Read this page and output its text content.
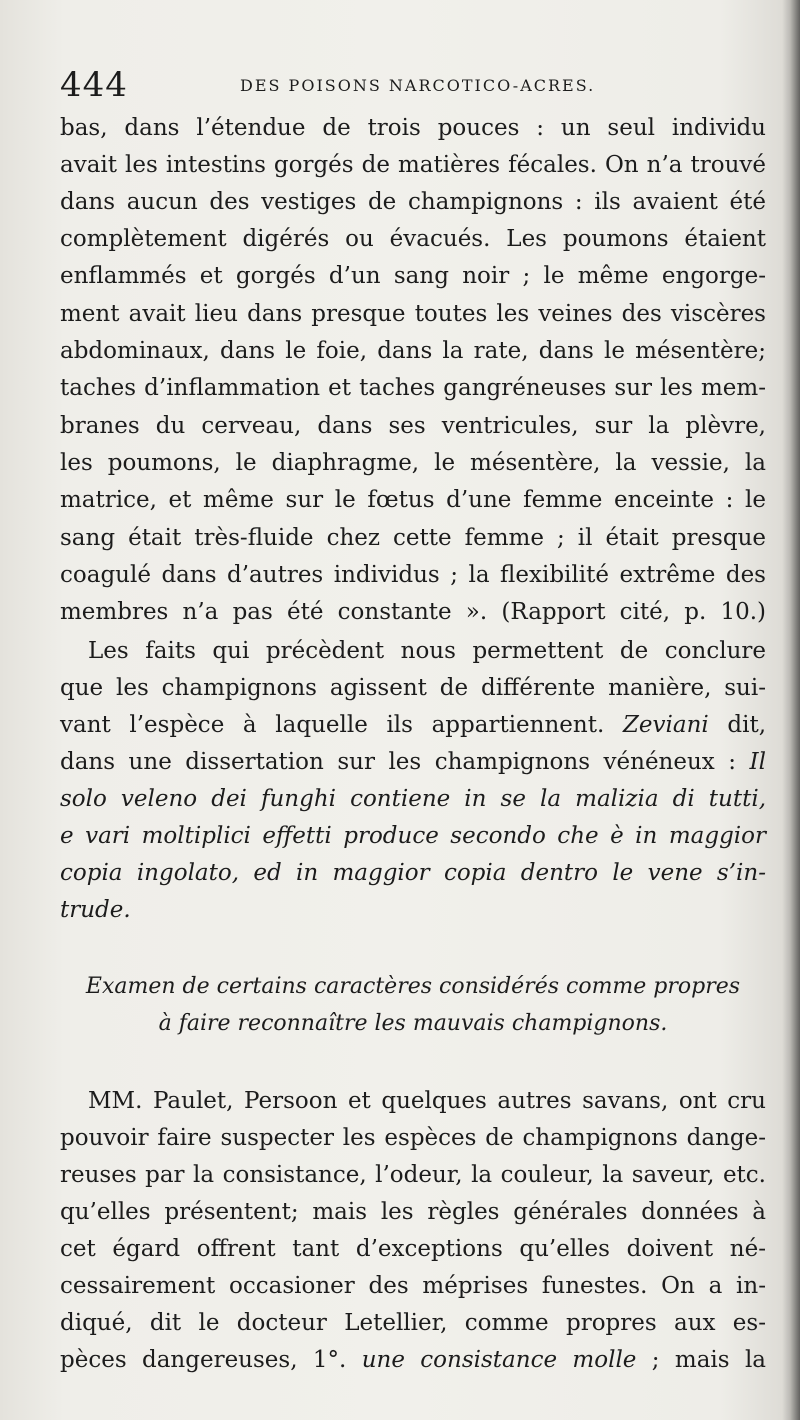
444	DES POISONS NARCOTICO-ACRES.
bas, dans l’étendue de trois pouces : un seul individu
avait les intestins gorgés de matières fécales. On n’a trouvé
dans aucun des vestiges de champignons : ils avaient été
complètement digérés ou évacués. Les poumons étaient
enflammés et gorgés d’un sang noir ; le même engorge-
ment avait lieu dans presque toutes les veines des viscères
abdominaux, dans le foie, dans la rate, dans le mésentère;
taches d’inflammation et taches gangréneuses sur les mem-
branes du cerveau, dans ses ventricules, sur la plèvre,
les poumons, le diaphragme, le mésentère, la vessie, la
matrice, et même sur le fœtus d’une femme enceinte : le
sang était très-fluide chez cette femme ; il était presque
coagulé dans d’autres individus ; la flexibilité extrême des
membres n’a pas été constante ». (Rapport cité, p. 10.)
Les faits qui précèdent nous permettent de conclure
que les champignons agissent de différente manière, sui-
vant l’espèce à laquelle ils appartiennent. Zeviani dit,
dans une dissertation sur les champignons vénéneux : Il
solo veleno dei funghi contiene in se la malizia di tutti,
e vari moltiplici effetti produce secondo che è in maggior
copia ingolato, ed in maggior copia dentro le vene s’in-
trude.
Examen de certains caractères considérés comme propres
à faire reconnaître les mauvais champignons.
MM. Paulet, Persoon et quelques autres savans, ont cru
pouvoir faire suspecter les espèces de champignons dange-
reuses par la consistance, l’odeur, la couleur, la saveur, etc.
qu’elles présentent; mais les règles générales données à
cet égard offrent tant d’exceptions qu’elles doivent né-
cessairement occasioner des méprises funestes. On a in-
diqué, dit le docteur Letellier, comme propres aux es-
pèces dangereuses, 1°. une consistance molle ; mais la
